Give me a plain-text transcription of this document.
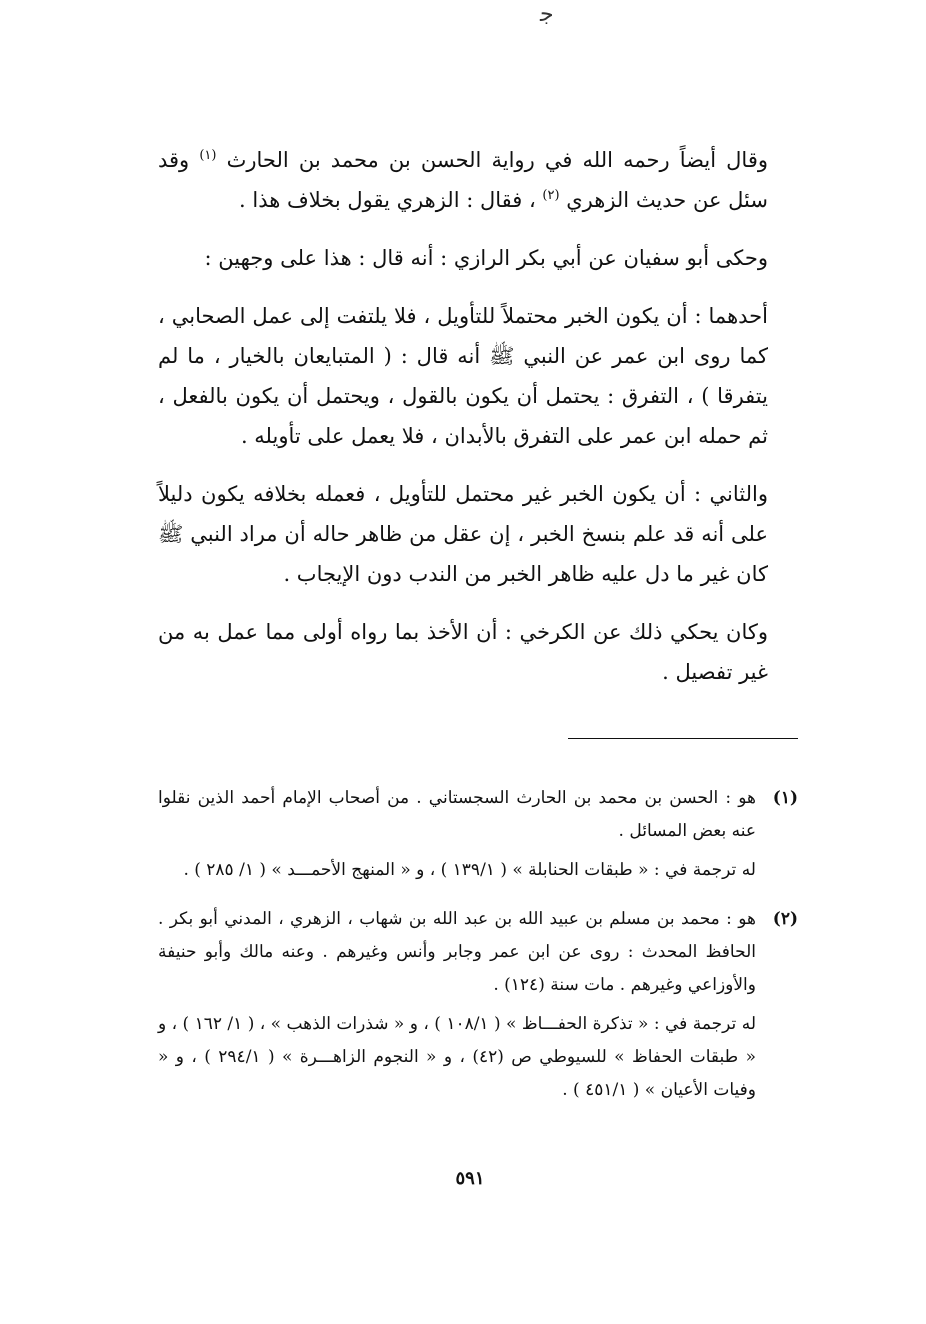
ﺟ

وقال أيضاً رحمه الله في رواية الحسن بن محمد بن الحارث $^{(١)}$ وقد سئل عن حديث الزهري $^{(٢)}$ ، فقال : الزهري يقول بخلاف هذا .

وحكى أبو سفيان عن أبي بكر الرازي : أنه قال : هذا على وجهين :

أحدهما : أن يكون الخبر محتملاً للتأويل ، فلا يلتفت إلى عمل الصحابي ، كما روى ابن عمر عن النبي ﷺ أنه قال : ( المتبايعان بالخيار ، ما لم يتفرقا ) ، التفرق : يحتمل أن يكون بالقول ، ويحتمل أن يكون بالفعل ، ثم حمله ابن عمر على التفرق بالأبدان ، فلا يعمل على تأويله .

والثاني : أن يكون الخبر غير محتمل للتأويل ، فعمله بخلافه يكون دليلاً على أنه قد علم بنسخ الخبر ، إن عقل من ظاهر حاله أن مراد النبي ﷺ كان غير ما دل عليه ظاهر الخبر من الندب دون الإيجاب .

وكان يحكي ذلك عن الكرخي : أن الأخذ بما رواه أولى مما عمل به من غير تفصيل .

(١)

هو : الحسن بن محمد بن الحارث السجستاني . من أصحاب الإمام أحمد الذين نقلوا عنه بعض المسائل .

له ترجمة في : « طبقات الحنابلة » ( ١٣٩/١ ) ، و « المنهج الأحمـــد » ( ١/ ٢٨٥ ) .

(٢)

هو : محمد بن مسلم بن عبيد الله بن عبد الله بن شهاب ، الزهري ، المدني أبو بكر . الحافظ المحدث : روى عن ابن عمر وجابر وأنس وغيرهم . وعنه مالك وأبو حنيفة والأوزاعي وغيرهم . مات سنة (١٢٤) .

له ترجمة في : « تذكرة الحفـــاظ » ( ١٠٨/١ ) ، و « شذرات الذهب » ، ( ١/ ١٦٢ ) ، و « طبقات الحفاظ » للسيوطي ص (٤٢) ، و « النجوم الزاهـــرة » ( ٢٩٤/١ ) ، و « وفيات الأعيان » ( ٤٥١/١ ) .

٥٩١
